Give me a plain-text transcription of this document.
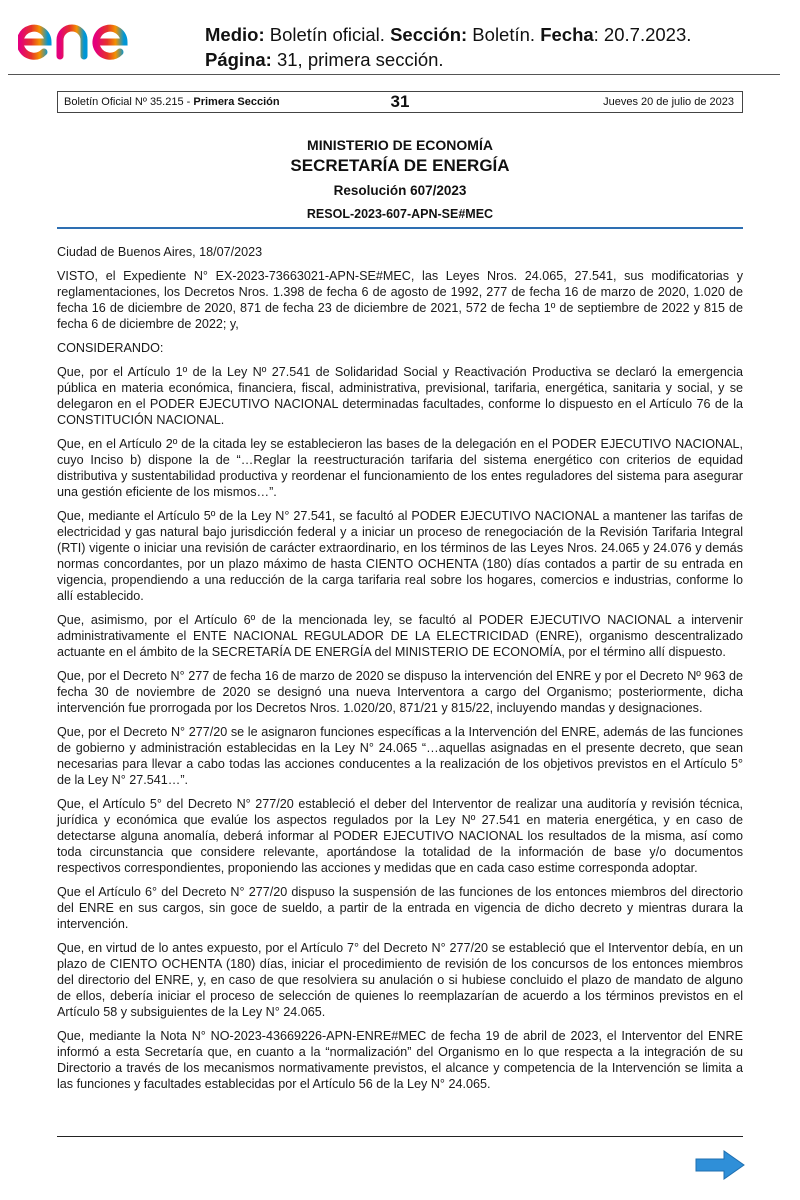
Medio: Boletín oficial. Sección: Boletín. Fecha: 20.7.2023.
Página: 31, primera sección.
Boletín Oficial Nº 35.215 - Primera Sección	31	Jueves 20 de julio de 2023
MINISTERIO DE ECONOMÍA
SECRETARÍA DE ENERGÍA
Resolución 607/2023
RESOL-2023-607-APN-SE#MEC

Ciudad de Buenos Aires, 18/07/2023

VISTO, el Expediente N° EX-2023-73663021-APN-SE#MEC, las Leyes Nros. 24.065, 27.541, sus modificatorias y reglamentaciones, los Decretos Nros. 1.398 de fecha 6 de agosto de 1992, 277 de fecha 16 de marzo de 2020, 1.020 de fecha 16 de diciembre de 2020, 871 de fecha 23 de diciembre de 2021, 572 de fecha 1º de septiembre de 2022 y 815 de fecha 6 de diciembre de 2022; y,

CONSIDERANDO:

Que, por el Artículo 1º de la Ley Nº 27.541 de Solidaridad Social y Reactivación Productiva se declaró la emergencia pública en materia económica, financiera, fiscal, administrativa, previsional, tarifaria, energética, sanitaria y social, y se delegaron en el PODER EJECUTIVO NACIONAL determinadas facultades, conforme lo dispuesto en el Artículo 76 de la CONSTITUCIÓN NACIONAL.

Que, en el Artículo 2º de la citada ley se establecieron las bases de la delegación en el PODER EJECUTIVO NACIONAL, cuyo Inciso b) dispone la de “…Reglar la reestructuración tarifaria del sistema energético con criterios de equidad distributiva y sustentabilidad productiva y reordenar el funcionamiento de los entes reguladores del sistema para asegurar una gestión eficiente de los mismos…”.

Que, mediante el Artículo 5º de la Ley N° 27.541, se facultó al PODER EJECUTIVO NACIONAL a mantener las tarifas de electricidad y gas natural bajo jurisdicción federal y a iniciar un proceso de renegociación de la Revisión Tarifaria Integral (RTI) vigente o iniciar una revisión de carácter extraordinario, en los términos de las Leyes Nros. 24.065 y 24.076 y demás normas concordantes, por un plazo máximo de hasta CIENTO OCHENTA (180) días contados a partir de su entrada en vigencia, propendiendo a una reducción de la carga tarifaria real sobre los hogares, comercios e industrias, conforme lo allí establecido.

Que, asimismo, por el Artículo 6º de la mencionada ley, se facultó al PODER EJECUTIVO NACIONAL a intervenir administrativamente el ENTE NACIONAL REGULADOR DE LA ELECTRICIDAD (ENRE), organismo descentralizado actuante en el ámbito de la SECRETARÍA DE ENERGÍA del MINISTERIO DE ECONOMÍA, por el término allí dispuesto.

Que, por el Decreto N° 277 de fecha 16 de marzo de 2020 se dispuso la intervención del ENRE y por el Decreto Nº 963 de fecha 30 de noviembre de 2020 se designó una nueva Interventora a cargo del Organismo; posteriormente, dicha intervención fue prorrogada por los Decretos Nros. 1.020/20, 871/21 y 815/22, incluyendo mandas y designaciones.

Que, por el Decreto N° 277/20 se le asignaron funciones específicas a la Intervención del ENRE, además de las funciones de gobierno y administración establecidas en la Ley N° 24.065 “…aquellas asignadas en el presente decreto, que sean necesarias para llevar a cabo todas las acciones conducentes a la realización de los objetivos previstos en el Artículo 5° de la Ley N° 27.541…”.

Que, el Artículo 5° del Decreto N° 277/20 estableció el deber del Interventor de realizar una auditoría y revisión técnica, jurídica y económica que evalúe los aspectos regulados por la Ley Nº 27.541 en materia energética, y en caso de detectarse alguna anomalía, deberá informar al PODER EJECUTIVO NACIONAL los resultados de la misma, así como toda circunstancia que considere relevante, aportándose la totalidad de la información de base y/o documentos respectivos correspondientes, proponiendo las acciones y medidas que en cada caso estime corresponda adoptar.

Que el Artículo 6° del Decreto N° 277/20 dispuso la suspensión de las funciones de los entonces miembros del directorio del ENRE en sus cargos, sin goce de sueldo, a partir de la entrada en vigencia de dicho decreto y mientras durara la intervención.

Que, en virtud de lo antes expuesto, por el Artículo 7° del Decreto N° 277/20 se estableció que el Interventor debía, en un plazo de CIENTO OCHENTA (180) días, iniciar el procedimiento de revisión de los concursos de los entonces miembros del directorio del ENRE, y, en caso de que resolviera su anulación o si hubiese concluido el plazo de mandato de alguno de ellos, debería iniciar el proceso de selección de quienes lo reemplazarían de acuerdo a los términos previstos en el Artículo 58 y subsiguientes de la Ley N° 24.065.

Que, mediante la Nota N° NO-2023-43669226-APN-ENRE#MEC de fecha 19 de abril de 2023, el Interventor del ENRE informó a esta Secretaría que, en cuanto a la “normalización” del Organismo en lo que respecta a la integración de su Directorio a través de los mecanismos normativamente previstos, el alcance y competencia de la Intervención se limita a las funciones y facultades establecidas por el Artículo 56 de la Ley N° 24.065.
